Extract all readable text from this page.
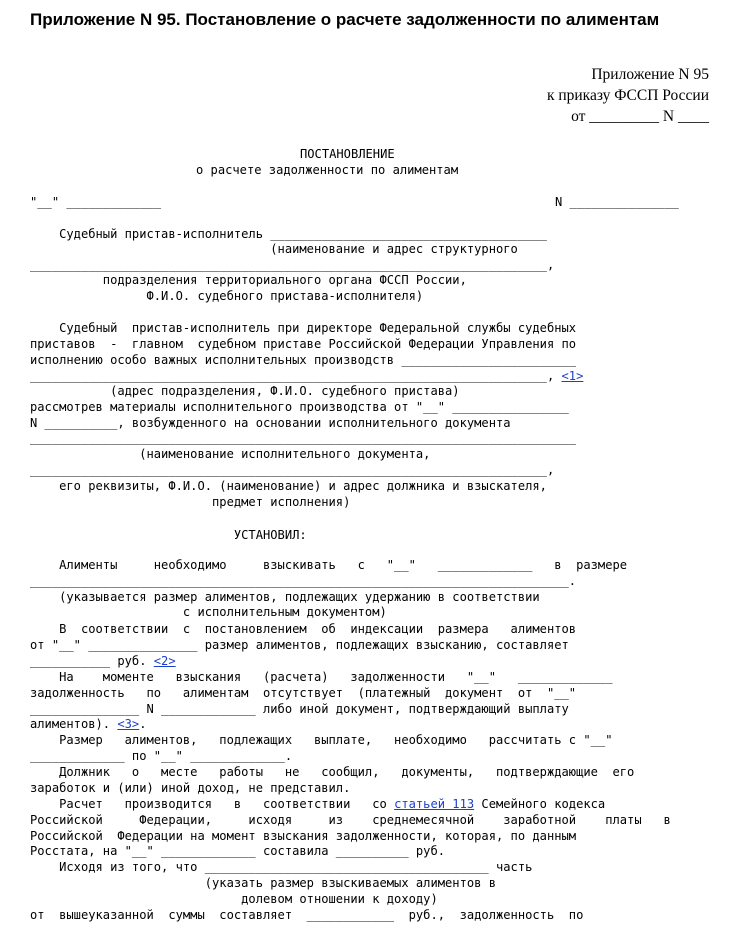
Приложение N 95. Постановление о расчете задолженности по алиментам
Приложение N 95
к приказу ФССП России
от _________ N ____
ПОСТАНОВЛЕНИЕ
о расчете задолженности по алиментам
"__" _____________	N _______________
Судебный пристав-исполнитель ______________________________________
(наименование и адрес структурного
_______________________________________________________________________,
подразделения территориального органа ФССП России,
Ф.И.О. судебного пристава-исполнителя)
Судебный  пристав-исполнитель при директоре Федеральной службы судебных
приставов  -  главном  судебном приставе Российской Федерации Управления по
исполнению особо важных исполнительных производств ________________________
_______________________________________________________________________, <1>
(адрес подразделения, Ф.И.О. судебного пристава)
рассмотрев материалы исполнительного производства от "__" ________________
N __________, возбужденного на основании исполнительного документа
___________________________________________________________________________
(наименование исполнительного документа,
_______________________________________________________________________,
его реквизиты, Ф.И.О. (наименование) и адрес должника и взыскателя,
предмет исполнения)
УСТАНОВИЛ:
Алименты     необходимо     взыскивать   с   "__"   _____________   в  размере
__________________________________________________________________________.
(указывается размер алиментов, подлежащих удержанию в соответствии
с исполнительным документом)
В  соответствии  с  постановлением  об  индексации  размера   алиментов
от "__" _______________ размер алиментов, подлежащих взысканию, составляет
___________ руб. <2>
На    моменте   взыскания   (расчета)   задолженности   "__"   _____________
задолженность   по   алиментам  отсутствует  (платежный  документ  от  "__"
_______________ N _____________ либо иной документ, подтверждающий выплату
алиментов). <3>.
Размер   алиментов,   подлежащих   выплате,   необходимо   рассчитать с "__"
_____________ по "__" _____________.
Должник   о   месте   работы   не   сообщил,   документы,   подтверждающие  его
заработок и (или) иной доход, не представил.
Расчет   производится   в   соответствии   со статьей 113 Семейного кодекса
Российской     Федерации,     исходя     из    среднемесячной    заработной    платы   в
Российской  Федерации на момент взыскания задолженности, которая, по данным
Росстата, на "__" _____________ составила __________ руб.
Исходя из того, что _______________________________________ часть
(указать размер взыскиваемых алиментов в
долевом отношении к доходу)
от  вышеуказанной  суммы  составляет  ____________  руб.,  задолженность  по
